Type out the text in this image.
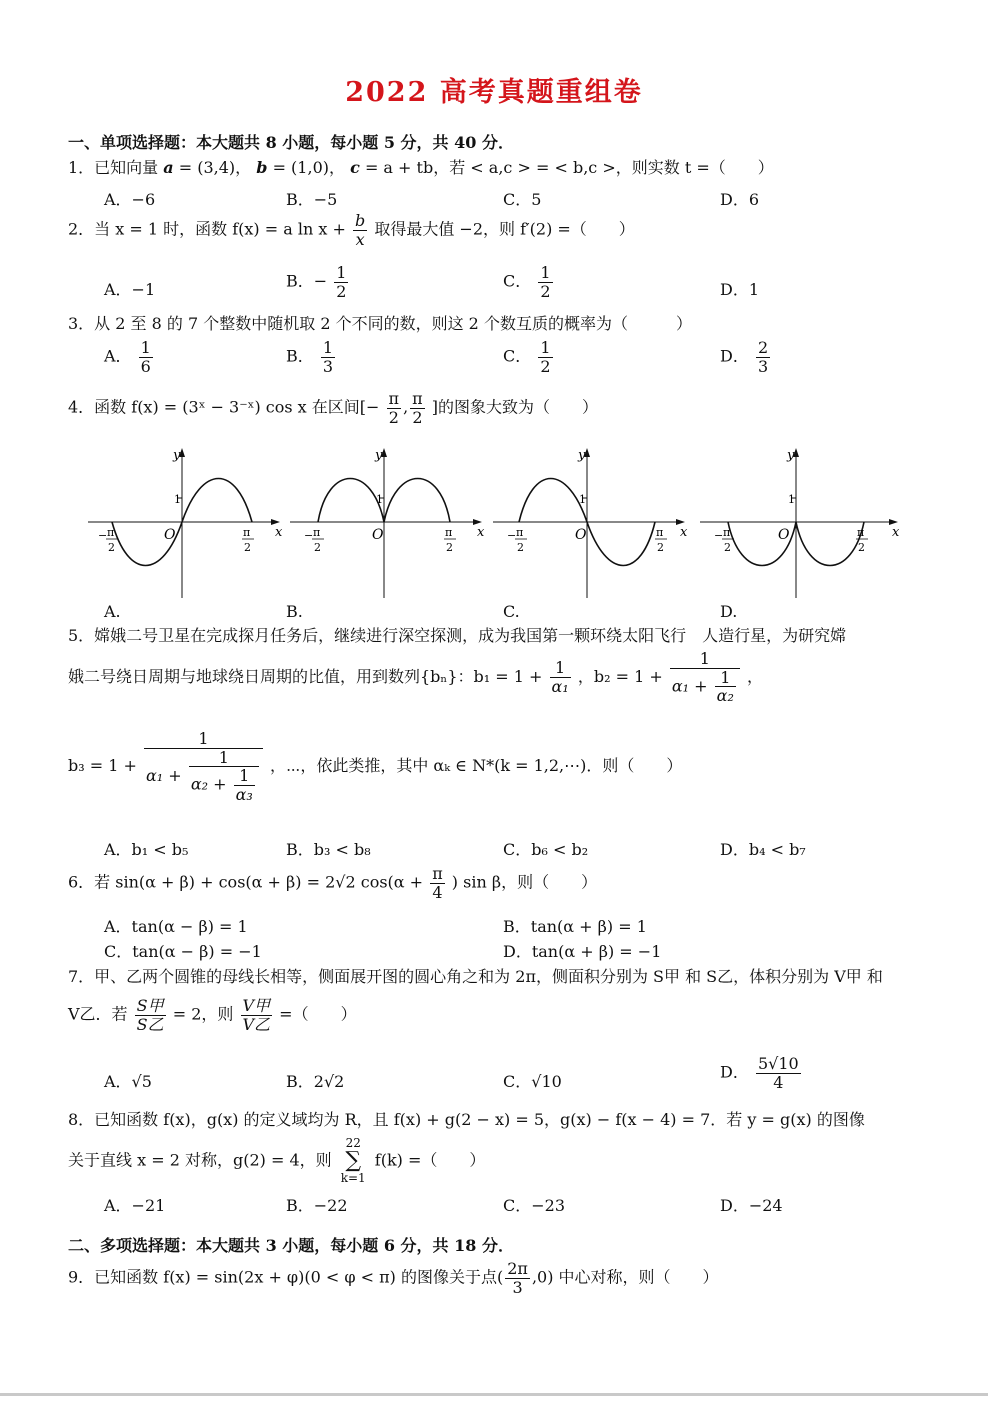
2022 高考真题重组卷
一、单项选择题：本大题共 8 小题，每小题 5 分，共 40 分．
1．已知向量 a = (3,4)， b = (1,0)， c = a + tb，若 < a,c > = < b,c >，则实数 t =（　　）
A．−6	B．−5	C．5	D．6
2．当 x = 1 时，函数 f(x) = a $\ln x + \frac{b}{x}$ 取得最大值 −2，则 f′(2) =（　　）
A．−1	B．− $\frac{1}{2}$	C． $\frac{1}{2}$	D．1
3．从 2 至 8 的 7 个整数中随机取 2 个不同的数，则这 2 个数互质的概率为（　　　）
A． $\frac{1}{6}$	B． $\frac{1}{3}$	C． $\frac{1}{2}$	D． $\frac{2}{3}$
4．函数 f(x) = (3ˣ − 3⁻ˣ) cos x 在区间[− $\frac{\pi}{2}$ , $\frac{\pi}{2}$ ]的图象大致为（　　）
y
x
O
1
− π
2
π
2
y
x
O
1
− π
2
π
2
y
x
O
1
− π
2
π
2
y
x
O
1
− π
2
π
2
A.	B.	C.	D.
5．嫦娥二号卫星在完成探月任务后，继续进行深空探测，成为我国第一颗环绕太阳飞行　人造行星，为研究嫦
娥二号绕日周期与地球绕日周期的比值，用到数列{bₙ}：$b_1 = 1 + \frac{1}{\text{α₁}}$ ，$b_2 = 1 + \frac{1}{\alpha_1 + \frac{1}{\text{α₂}}}$ ，
b₃ = 1 +
1
$\alpha_1 + \frac{1}{\alpha_2 + \frac{1}{\text{α₃}}}$ ，⋯，依此类推，其中 αₖ ∈ N*(k = 1,2,⋯)．则（　　）
A．b₁ < b₅	B．b₃ < b₈	C．b₆ < b₂	D．b₄ < b₇
6．若 sin(α + β) + cos(α + β) = 2√2 $\cos(\alpha + \frac{\pi}{4}$ ) sin β，则（　　）
A．tan(α − β) = 1	B．tan(α + β) = 1
C．tan(α − β) = −1	D．tan(α + β) = −1
7．甲、乙两个圆锥的母线长相等，侧面展开图的圆心角之和为 2π，侧面积分别为 S甲 和 S乙，体积分别为 V甲 和
V乙．若 $\frac{\text{S甲}}{\text{S乙}} = 2$，则 $\frac{\text{V甲}}{\text{V乙}}$ =（　　）
A．√5	B．2√2	C．√10	D． $\frac{5√10}{4}$
8．已知函数 f(x)，g(x) 的定义域均为 R，且 f(x) + g(2 − x) = 5，g(x) − f(x − 4) = 7．若 y = g(x) 的图像
关于直线 x = 2 对称，g(2) = 4，则
22
∑
k=1
f(k) =（　　）
A．−21	B．−22	C．−23	D．−24
二、多项选择题：本大题共 3 小题，每小题 6 分，共 18 分．
9．已知函数 f(x) = sin(2x + φ)(0 < φ < π) 的图像关于点( $\frac{2\pi}{3} ,0$) 中心对称，则（　　）
